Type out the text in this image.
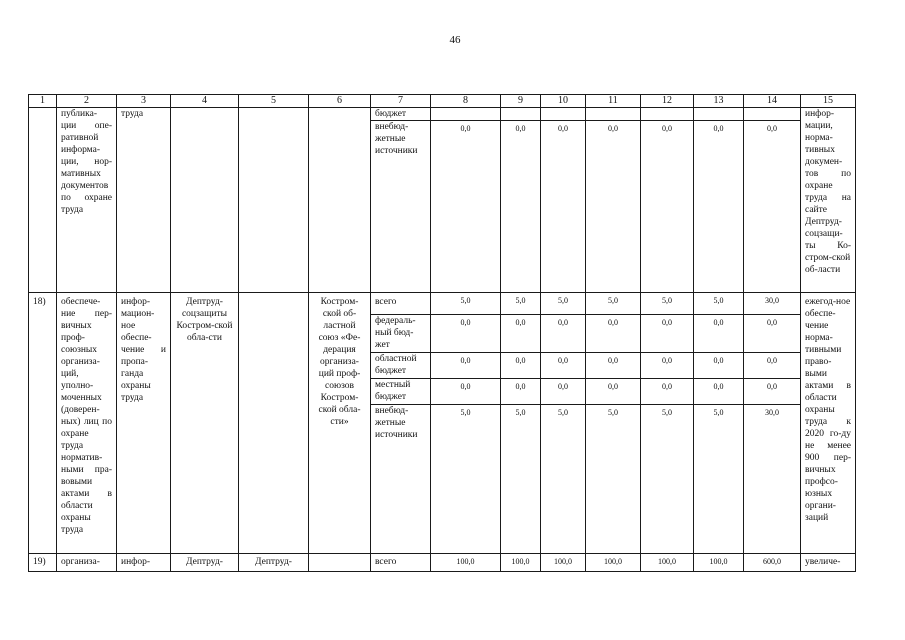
46
1	2	3	4	5	6	7	8	9	10	11	12	13	14	15
	публика-ции опе-ративной информа-ции, нор-мативных документов по охране труда	труда				бюджет								инфор-мации, норма-тивных докумен-тов по охране труда на сайте Дептруд-соцзащи-ты Ко-стром-ской об-ласти
						внебюд-жетные источники	0,0	0,0	0,0	0,0	0,0	0,0	0,0	
18)	обеспече-ние пер-вичных проф-союзных организа-ций, уполно-моченных (доверен-ных) лиц по охране труда норматив-ными пра-вовыми актами в области охраны труда	инфор-мацион-ное обеспе-чение и пропа-ганда охраны труда	Дептруд-соцзащиты Костром-ской обла-сти		Костром-ской об-ластной союз «Фе-дерация организа-ций проф-союзов Костром-ской обла-сти»	всего	5,0	5,0	5,0	5,0	5,0	5,0	30,0	ежегод-ное обеспе-чение норма-тивными право-выми актами в области охраны труда к 2020 го-ду не менее 900 пер-вичных профсо-юзных органи-заций
						федераль-ный бюд-жет	0,0	0,0	0,0	0,0	0,0	0,0	0,0	
						областной бюджет	0,0	0,0	0,0	0,0	0,0	0,0	0,0	
						местный бюджет	0,0	0,0	0,0	0,0	0,0	0,0	0,0	
						внебюд-жетные источники	5,0	5,0	5,0	5,0	5,0	5,0	30,0	
19)	организа-	инфор-	Дептруд-	Дептруд-		всего	100,0	100,0	100,0	100,0	100,0	100,0	600,0	увеличе-
